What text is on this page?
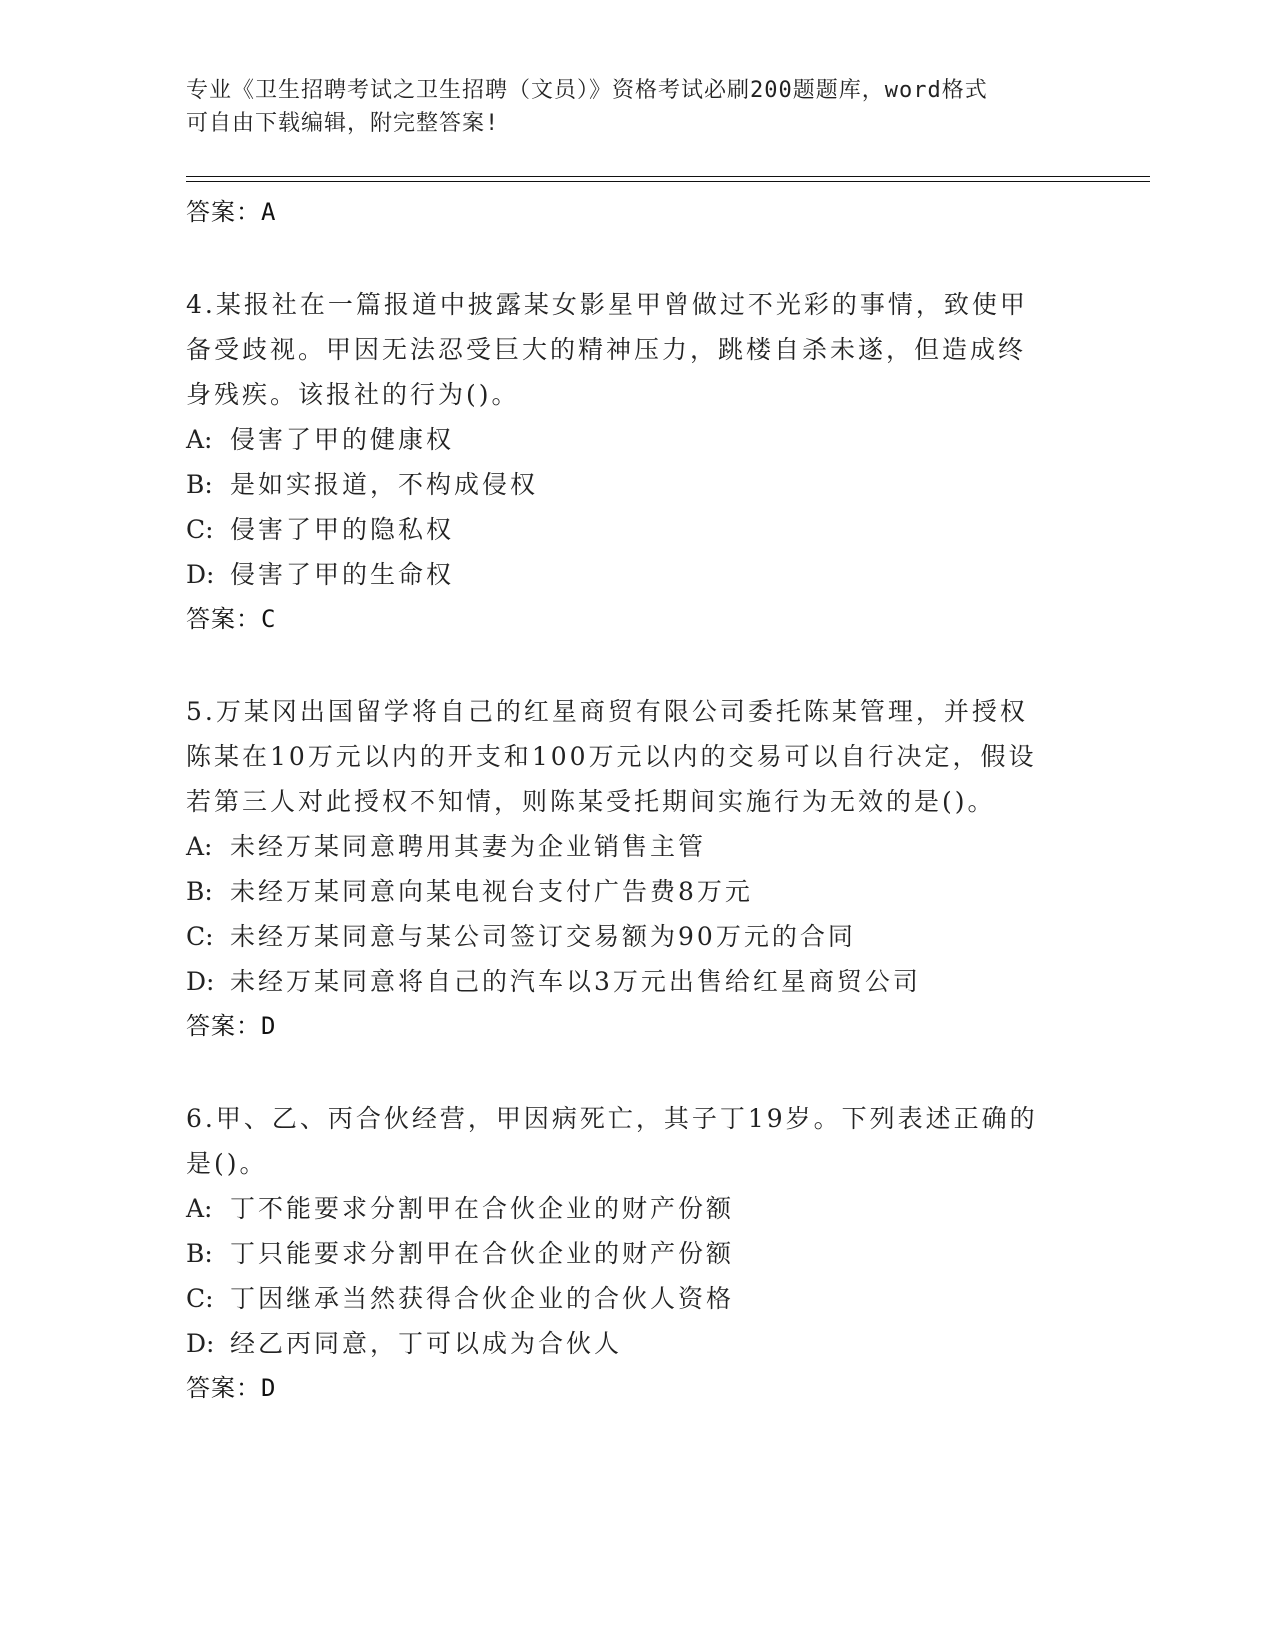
专业《卫生招聘考试之卫生招聘（文员）》资格考试必刷200题题库，word格式
可自由下载编辑，附完整答案!
答案：A
4.某报社在一篇报道中披露某女影星甲曾做过不光彩的事情，致使甲
备受歧视。甲因无法忍受巨大的精神压力，跳楼自杀未遂，但造成终
身残疾。该报社的行为()。
A: 侵害了甲的健康权
B: 是如实报道，不构成侵权
C: 侵害了甲的隐私权
D: 侵害了甲的生命权
答案：C
5.万某冈出国留学将自己的红星商贸有限公司委托陈某管理，并授权
陈某在10万元以内的开支和100万元以内的交易可以自行决定，假设
若第三人对此授权不知情，则陈某受托期间实施行为无效的是()。
A: 未经万某同意聘用其妻为企业销售主管
B: 未经万某同意向某电视台支付广告费8万元
C: 未经万某同意与某公司签订交易额为90万元的合同
D: 未经万某同意将自己的汽车以3万元出售给红星商贸公司
答案：D
6.甲、乙、丙合伙经营，甲因病死亡，其子丁19岁。下列表述正确的
是()。
A: 丁不能要求分割甲在合伙企业的财产份额
B: 丁只能要求分割甲在合伙企业的财产份额
C: 丁因继承当然获得合伙企业的合伙人资格
D: 经乙丙同意，丁可以成为合伙人
答案：D
